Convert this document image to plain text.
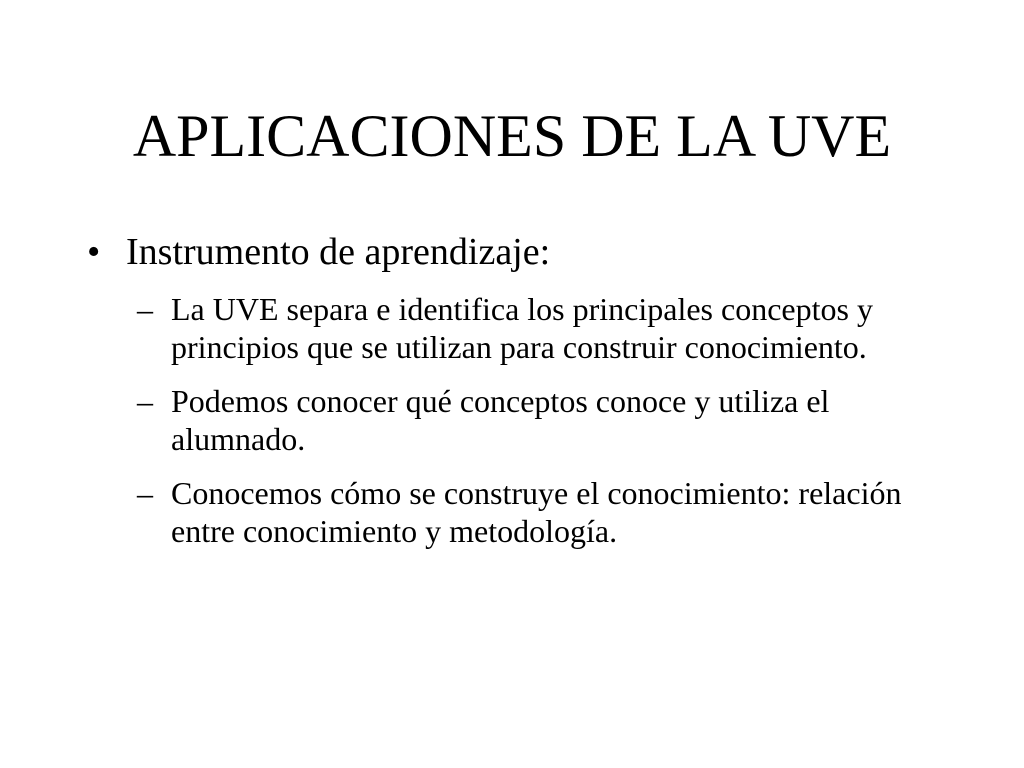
APLICACIONES DE LA UVE
• Instrumento de aprendizaje:
– La UVE separa e identifica los principales conceptos y principios que se utilizan para construir conocimiento.
– Podemos conocer qué conceptos conoce y utiliza el alumnado.
– Conocemos cómo se construye el conocimiento: relación entre conocimiento y metodología.
